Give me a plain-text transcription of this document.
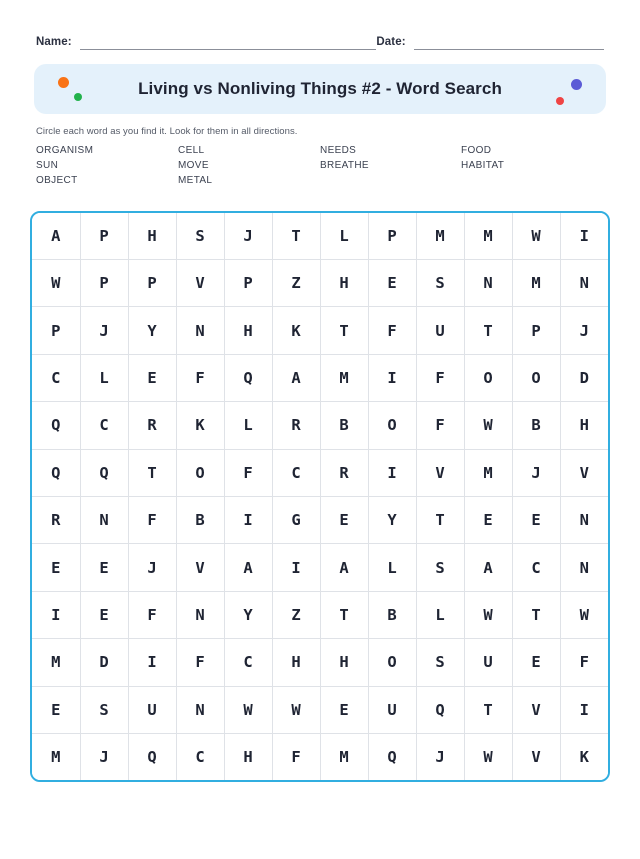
Name:	Date:
Living vs Nonliving Things #2 - Word Search
Circle each word as you find it. Look for them in all directions.
ORGANISM	CELL	NEEDS	FOOD
SUN	MOVE	BREATHE	HABITAT
OBJECT	METAL
A	P	H	S	J	T	L	P	M	M	W	I
W	P	P	V	P	Z	H	E	S	N	M	N
P	J	Y	N	H	K	T	F	U	T	P	J
C	L	E	F	Q	A	M	I	F	O	O	D
Q	C	R	K	L	R	B	O	F	W	B	H
Q	Q	T	O	F	C	R	I	V	M	J	V
R	N	F	B	I	G	E	Y	T	E	E	N
E	E	J	V	A	I	A	L	S	A	C	N
I	E	F	N	Y	Z	T	B	L	W	T	W
M	D	I	F	C	H	H	O	S	U	E	F
E	S	U	N	W	W	E	U	Q	T	V	I
M	J	Q	C	H	F	M	Q	J	W	V	K
